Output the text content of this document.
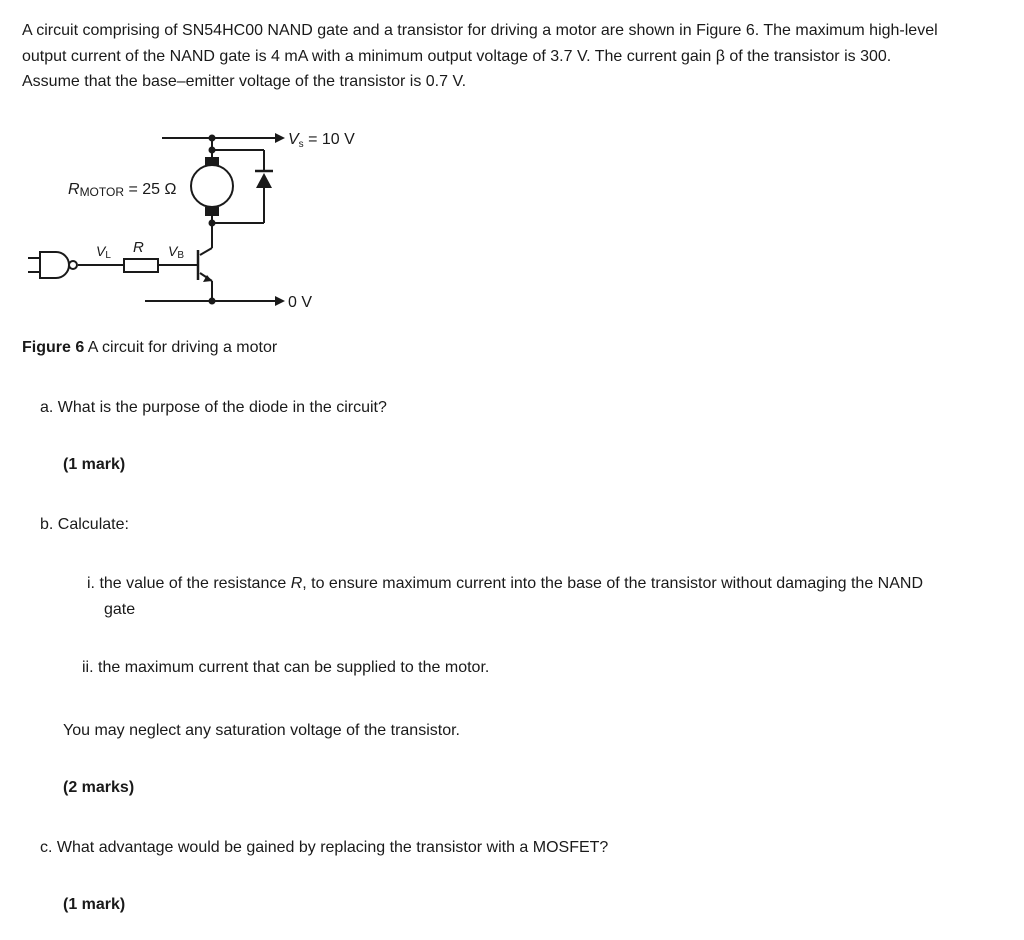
A circuit comprising of SN54HC00 NAND gate and a transistor for driving a motor are shown in Figure 6. The maximum high-level
output current of the NAND gate is 4 mA with a minimum output voltage of 3.7 V. The current gain β of the transistor is 300.
Assume that the base–emitter voltage of the transistor is 0.7 V.
Vs = 10 V
0 V
RMOTOR = 25 Ω
VL R VB

Figure 6 A circuit for driving a motor

a. What is the purpose of the diode in the circuit?

(1 mark)

b. Calculate:

i. the value of the resistance R, to ensure maximum current into the base of the transistor without damaging the NAND

gate

ii. the maximum current that can be supplied to the motor.

You may neglect any saturation voltage of the transistor.

(2 marks)

c. What advantage would be gained by replacing the transistor with a MOSFET?

(1 mark)
